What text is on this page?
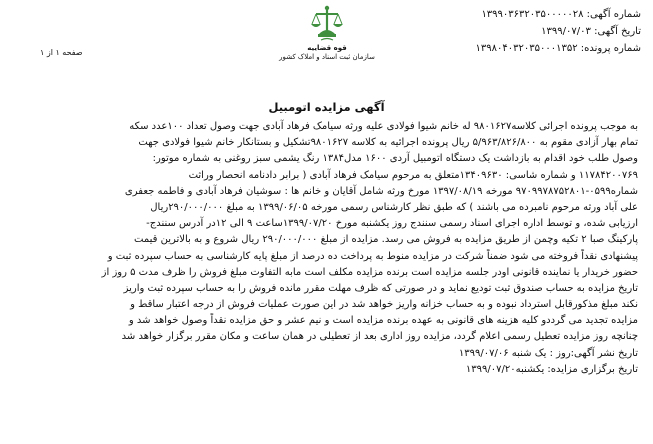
شماره آگهی: ۱۳۹۹۰۳۶۳۲۰۳۵۰۰۰۰۰۲۸
تاریخ آگهی: ۱۳۹۹/۰۷/۰۳
شماره پرونده: ۱۳۹۸۰۴۰۳۲۰۳۵۰۰۰۱۳۵۲
قوه قضاییه
سازمان ثبت اسناد و املاک کشور
صفحه ۱ از ۱
آگهی مزایده اتومبیل
به موجب پرونده اجرائی کلاسه۹۸۰۱۶۲۷ له خانم شیوا فولادی علیه ورثه سیامک فرهاد آبادی جهت وصول تعداد ۱۰۰عدد سکه
تمام بهار آزادی مقوم به ۵/۹۶۳/۸۲۶/۸۰۰ ریال پرونده اجرائیه به کلاسه ۹۸۰۱۶۲۷تشکیل و بستانکار خانم شیوا فولادی جهت
وصول طلب خود اقدام به بازداشت یک دستگاه اتومبیل آردی ۱۶۰۰ مدل۱۳۸۴ رنگ یشمی سبز روغنی به شماره موتور:
۱۱۷۸۴۲۰۰۷۶۹ و شماره شاسی: ۱۳۴۰۹۶۳۰متعلق به مرحوم سیامک فرهاد آبادی ( برابر دادنامه انحصار وراثت
شماره۰۵۹۹-۹۷۰۹۹۷۸۷۵۲۸۰۱ مورخه ۱۳۹۷/۰۸/۱۹ مورخ ورثه شامل آقایان و خانم ها : سوشیان فرهاد آبادی و فاطمه جعفری
علی آباد ورثه مرحوم نامبرده می باشند ) که طبق نظر کارشناس رسمی مورخه ۱۳۹۹/۰۶/۰۵ به مبلغ ۲۹۰/۰۰۰/۰۰۰ریال
ارزیابی شده، و توسط اداره اجرای اسناد رسمی سنندج روز یکشنبه مورخ ۱۳۹۹/۰۷/۲۰ساعت ۹ الی ۱۲در آدرس سنندج-
پارکینگ صبا ۲ تکیه وچمن از طریق مزایده به فروش می رسد. مزایده از مبلغ ۲۹۰/۰۰۰/۰۰۰ ریال شروع و به بالاترین قیمت
پیشنهادی نقداً فروخته می شود ضمناً شرکت در مزایده منوط به پرداخت ده درصد از مبلغ پایه کارشناسی به حساب سپرده ثبت و
حضور خریدار یا نماینده قانونی اودر جلسه مزایده است برنده مزایده مکلف است مابه التفاوت مبلغ فروش را ظرف مدت ۵ روز از
تاریخ مزایده به حساب صندوق ثبت تودیع نماید و در صورتی که ظرف مهلت مقرر مانده فروش را به حساب سپرده ثبت واریز
نکند مبلغ مذکورقابل استرداد نبوده و به حساب خزانه واریز خواهد شد در این صورت عملیات فروش از درجه اعتبار ساقط و
مزایده تجدید می گرددو کلیه هزینه های قانونی به عهده برنده مزایده است و نیم عشر و حق مزایده نقداً وصول خواهد شد و
چنانچه روز مزایده تعطیل رسمی اعلام گردد، مزایده روز اداری بعد از تعطیلی در همان ساعت و مکان مقرر برگزار خواهد شد
تاریخ نشر آگهی:روز : یک شنبه ۱۳۹۹/۰۷/۰۶
تاریخ برگزاری مزایده: یکشنبه۱۳۹۹/۰۷/۲۰
